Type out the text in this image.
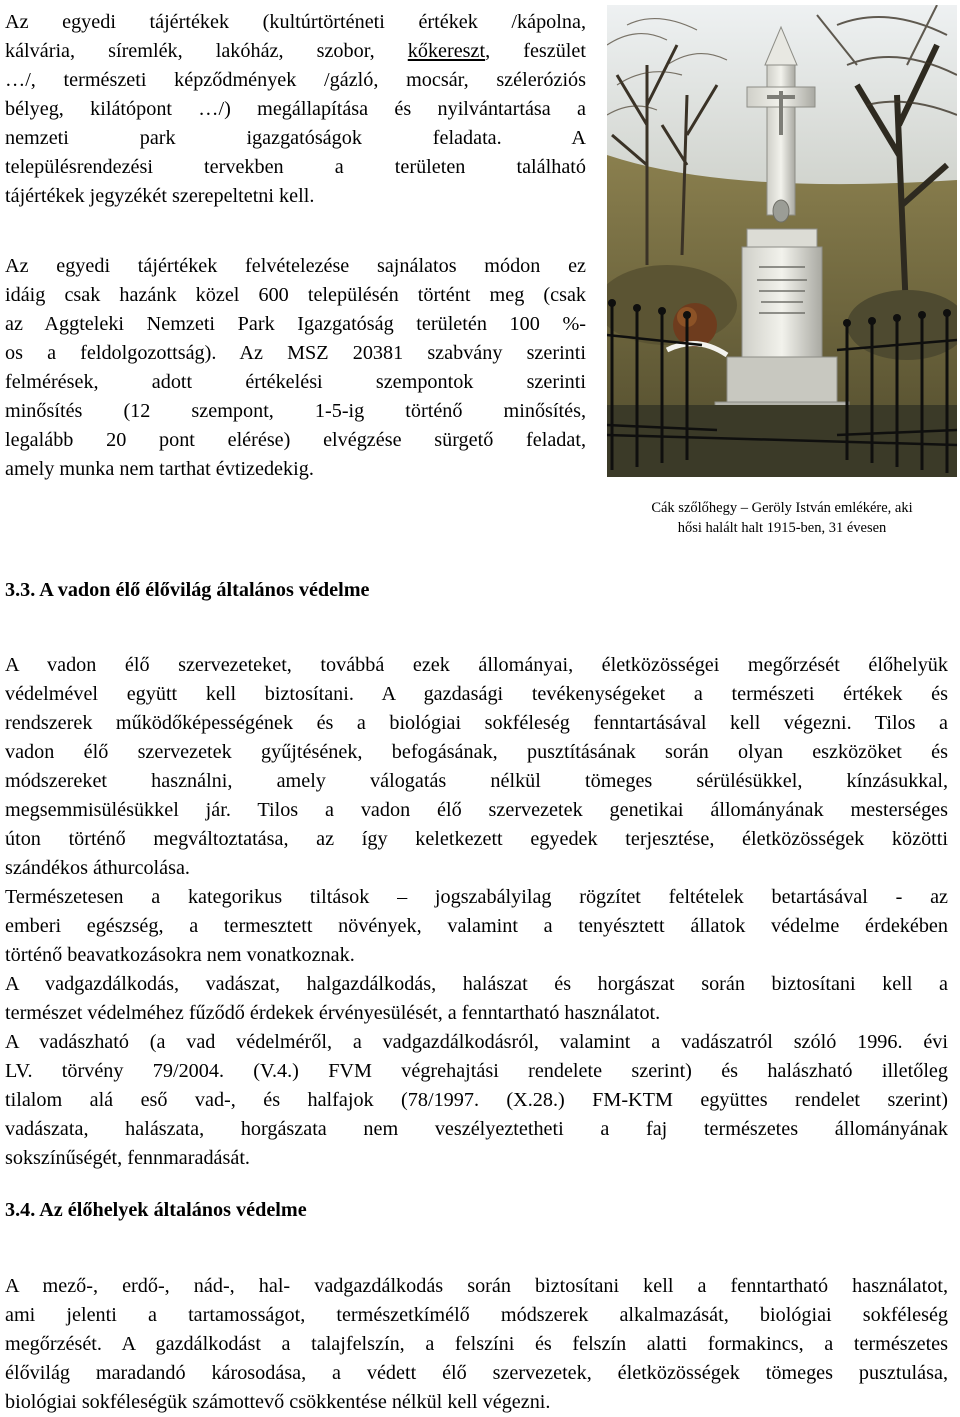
Az egyedi tájértékek (kultúrtörténeti értékek /kápolna,
kálvária, síremlék, lakóház, szobor, kőkereszt, feszület
…/, természeti képződmények /gázló, mocsár, széleróziós
bélyeg, kilátópont …/) megállapítása és nyilvántartása a
nemzeti park igazgatóságok feladata. A
településrendezési tervekben a területen található
tájértékek jegyzékét szerepeltetni kell.
Az egyedi tájértékek felvételezése sajnálatos módon ez
idáig csak hazánk közel 600 településén történt meg (csak
az Aggteleki Nemzeti Park Igazgatóság területén 100 %-
os a feldolgozottság). Az MSZ 20381 szabvány szerinti
felmérések, adott értékelési szempontok szerinti
minősítés (12 szempont, 1-5-ig történő minősítés,
legalább 20 pont elérése) elvégzése sürgető feladat,
amely munka nem tarthat évtizedekig.
Cák szőlőhegy – Geröly István emlékére, aki
hősi halált halt 1915-ben, 31 évesen
3.3. A vadon élő élővilág általános védelme
A vadon élő szervezeteket, továbbá ezek állományai, életközösségei megőrzését élőhelyük
védelmével együtt kell biztosítani. A gazdasági tevékenységeket a természeti értékek és
rendszerek működőképességének és a biológiai sokféleség fenntartásával kell végezni. Tilos a
vadon élő szervezetek gyűjtésének, befogásának, pusztításának során olyan eszközöket és
módszereket használni, amely válogatás nélkül tömeges sérülésükkel, kínzásukkal,
megsemmisülésükkel jár. Tilos a vadon élő szervezetek genetikai állományának mesterséges
úton történő megváltoztatása, az így keletkezett egyedek terjesztése, életközösségek közötti
szándékos áthurcolása.
Természetesen a kategorikus tiltások – jogszabályilag rögzítet feltételek betartásával - az
emberi egészség, a termesztett növények, valamint a tenyésztett állatok védelme érdekében
történő beavatkozásokra nem vonatkoznak.
A vadgazdálkodás, vadászat, halgazdálkodás, halászat és horgászat során biztosítani kell a
természet védelméhez fűződő érdekek érvényesülését, a fenntartható használatot.
A vadászható (a vad védelméről, a vadgazdálkodásról, valamint a vadászatról szóló 1996. évi
LV. törvény 79/2004. (V.4.) FVM végrehajtási rendelete szerint) és halászható illetőleg
tilalom alá eső vad-, és halfajok (78/1997. (X.28.) FM-KTM együttes rendelet szerint)
vadászata, halászata, horgászata nem veszélyeztetheti a faj természetes állományának
sokszínűségét, fennmaradását.
3.4. Az élőhelyek általános védelme
A mező-, erdő-, nád-, hal- vadgazdálkodás során biztosítani kell a fenntartható használatot,
ami jelenti a tartamosságot, természetkímélő módszerek alkalmazását, biológiai sokféleség
megőrzését. A gazdálkodást a talajfelszín, a felszíni és felszín alatti formakincs, a természetes
élővilág maradandó károsodása, a védett élő szervezetek, életközösségek tömeges pusztulása,
biológiai sokféleségük számottevő csökkentése nélkül kell végezni.
